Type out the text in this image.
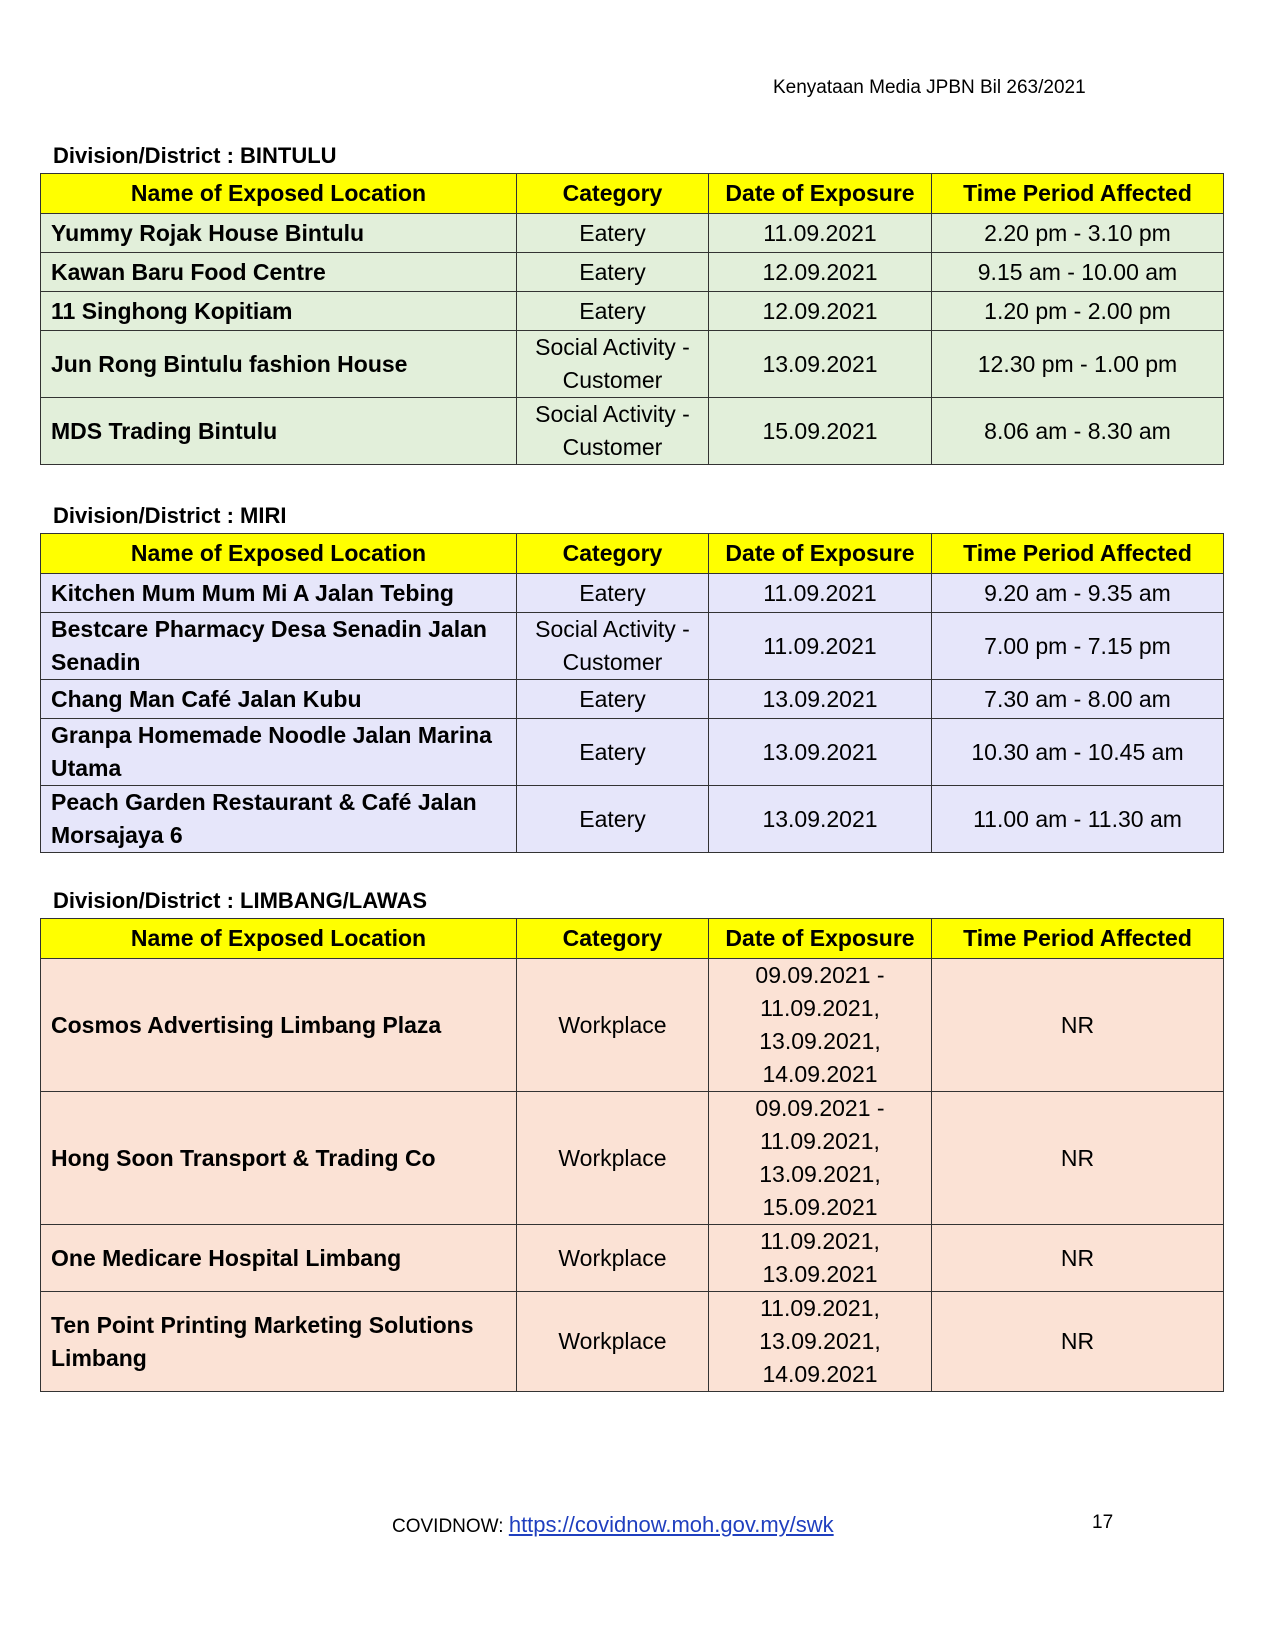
Kenyataan Media JPBN Bil 263/2021
Division/District : BINTULU
Name of Exposed Location	Category	Date of Exposure	Time Period Affected
Yummy Rojak House Bintulu	Eatery	11.09.2021	2.20 pm - 3.10 pm
Kawan Baru Food Centre	Eatery	12.09.2021	9.15 am - 10.00 am
11 Singhong Kopitiam	Eatery	12.09.2021	1.20 pm - 2.00 pm
Jun Rong Bintulu fashion House	Social Activity - Customer	13.09.2021	12.30 pm - 1.00 pm
MDS Trading Bintulu	Social Activity - Customer	15.09.2021	8.06 am - 8.30 am
Division/District : MIRI
Name of Exposed Location	Category	Date of Exposure	Time Period Affected
Kitchen Mum Mum Mi A Jalan Tebing	Eatery	11.09.2021	9.20 am - 9.35 am
Bestcare Pharmacy Desa Senadin Jalan Senadin	Social Activity - Customer	11.09.2021	7.00 pm - 7.15 pm
Chang Man Café Jalan Kubu	Eatery	13.09.2021	7.30 am - 8.00 am
Granpa Homemade Noodle Jalan Marina Utama	Eatery	13.09.2021	10.30 am - 10.45 am
Peach Garden Restaurant & Café Jalan Morsajaya 6	Eatery	13.09.2021	11.00 am - 11.30 am
Division/District : LIMBANG/LAWAS
Name of Exposed Location	Category	Date of Exposure	Time Period Affected
Cosmos Advertising Limbang Plaza	Workplace	09.09.2021 - 11.09.2021, 13.09.2021, 14.09.2021	NR
Hong Soon Transport & Trading Co	Workplace	09.09.2021 - 11.09.2021, 13.09.2021, 15.09.2021	NR
One Medicare Hospital Limbang	Workplace	11.09.2021, 13.09.2021	NR
Ten Point Printing Marketing Solutions Limbang	Workplace	11.09.2021, 13.09.2021, 14.09.2021	NR
COVIDNOW: https://covidnow.moh.gov.my/swk	17
